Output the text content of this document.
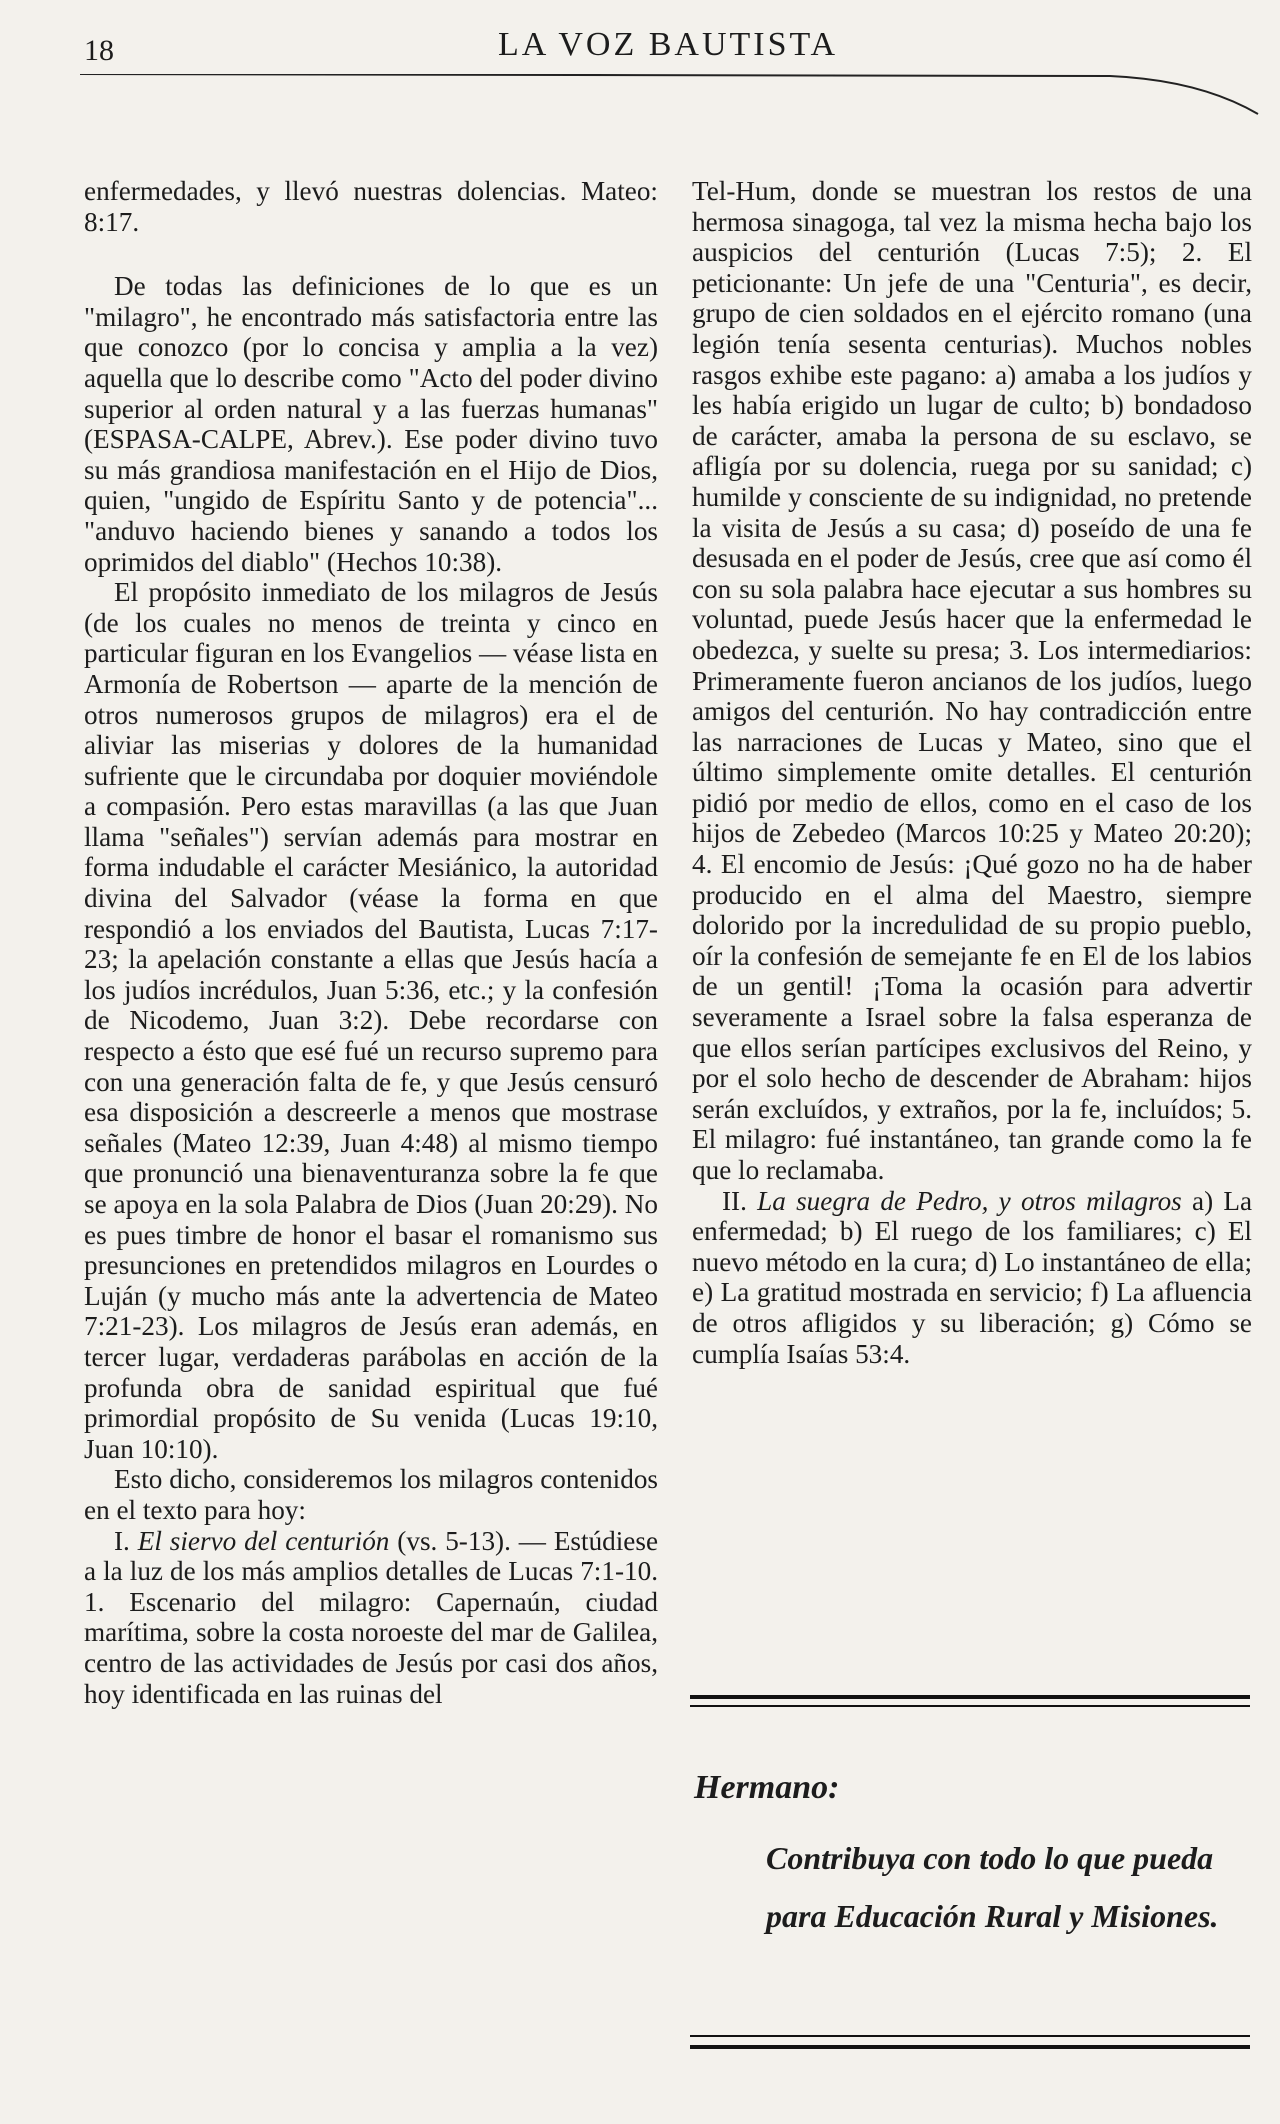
18	LA VOZ BAUTISTA

enfermedades, y llevó nuestras dolencias. Mateo: 8:17.

De todas las definiciones de lo que es un "milagro", he encontrado más satisfactoria entre las que conozco (por lo concisa y amplia a la vez) aquella que lo describe como "Acto del poder divino superior al orden natural y a las fuerzas humanas" (ESPASA-CALPE, Abrev.). Ese poder divino tuvo su más grandiosa manifestación en el Hijo de Dios, quien, "ungido de Espíritu Santo y de potencia"... "anduvo haciendo bienes y sanando a todos los oprimidos del diablo" (Hechos 10:38).

El propósito inmediato de los milagros de Jesús (de los cuales no menos de treinta y cinco en particular figuran en los Evangelios — véase lista en Armonía de Robertson — aparte de la mención de otros numerosos grupos de milagros) era el de aliviar las miserias y dolores de la humanidad sufriente que le circundaba por doquier moviéndole a compasión. Pero estas maravillas (a las que Juan llama "señales") servían además para mostrar en forma indudable el carácter Mesiánico, la autoridad divina del Salvador (véase la forma en que respondió a los enviados del Bautista, Lucas 7:17-23; la apelación constante a ellas que Jesús hacía a los judíos incrédulos, Juan 5:36, etc.; y la confesión de Nicodemo, Juan 3:2). Debe recordarse con respecto a ésto que esé fué un recurso supremo para con una generación falta de fe, y que Jesús censuró esa disposición a descreerle a menos que mostrase señales (Mateo 12:39, Juan 4:48) al mismo tiempo que pronunció una bienaventuranza sobre la fe que se apoya en la sola Palabra de Dios (Juan 20:29). No es pues timbre de honor el basar el romanismo sus presunciones en pretendidos milagros en Lourdes o Luján (y mucho más ante la advertencia de Mateo 7:21-23). Los milagros de Jesús eran además, en tercer lugar, verdaderas parábolas en acción de la profunda obra de sanidad espiritual que fué primordial propósito de Su venida (Lucas 19:10, Juan 10:10).

Esto dicho, consideremos los milagros contenidos en el texto para hoy:

I. El siervo del centurión (vs. 5-13). — Estúdiese a la luz de los más amplios detalles de Lucas 7:1-10. 1. Escenario del milagro: Capernaún, ciudad marítima, sobre la costa noroeste del mar de Galilea, centro de las actividades de Jesús por casi dos años, hoy identificada en las ruinas del

Tel-Hum, donde se muestran los restos de una hermosa sinagoga, tal vez la misma hecha bajo los auspicios del centurión (Lucas 7:5); 2. El peticionante: Un jefe de una "Centuria", es decir, grupo de cien soldados en el ejército romano (una legión tenía sesenta centurias). Muchos nobles rasgos exhibe este pagano: a) amaba a los judíos y les había erigido un lugar de culto; b) bondadoso de carácter, amaba la persona de su esclavo, se afligía por su dolencia, ruega por su sanidad; c) humilde y consciente de su indignidad, no pretende la visita de Jesús a su casa; d) poseído de una fe desusada en el poder de Jesús, cree que así como él con su sola palabra hace ejecutar a sus hombres su voluntad, puede Jesús hacer que la enfermedad le obedezca, y suelte su presa; 3. Los intermediarios: Primeramente fueron ancianos de los judíos, luego amigos del centurión. No hay contradicción entre las narraciones de Lucas y Mateo, sino que el último simplemente omite detalles. El centurión pidió por medio de ellos, como en el caso de los hijos de Zebedeo (Marcos 10:25 y Mateo 20:20); 4. El encomio de Jesús: ¡Qué gozo no ha de haber producido en el alma del Maestro, siempre dolorido por la incredulidad de su propio pueblo, oír la confesión de semejante fe en El de los labios de un gentil! ¡Toma la ocasión para advertir severamente a Israel sobre la falsa esperanza de que ellos serían partícipes exclusivos del Reino, y por el solo hecho de descender de Abraham: hijos serán excluídos, y extraños, por la fe, incluídos; 5. El milagro: fué instantáneo, tan grande como la fe que lo reclamaba.

II. La suegra de Pedro, y otros milagros a) La enfermedad; b) El ruego de los familiares; c) El nuevo método en la cura; d) Lo instantáneo de ella; e) La gratitud mostrada en servicio; f) La afluencia de otros afligidos y su liberación; g) Cómo se cumplía Isaías 53:4.

Hermano:
Contribuya con todo lo que pueda para Educación Rural y Misiones.
